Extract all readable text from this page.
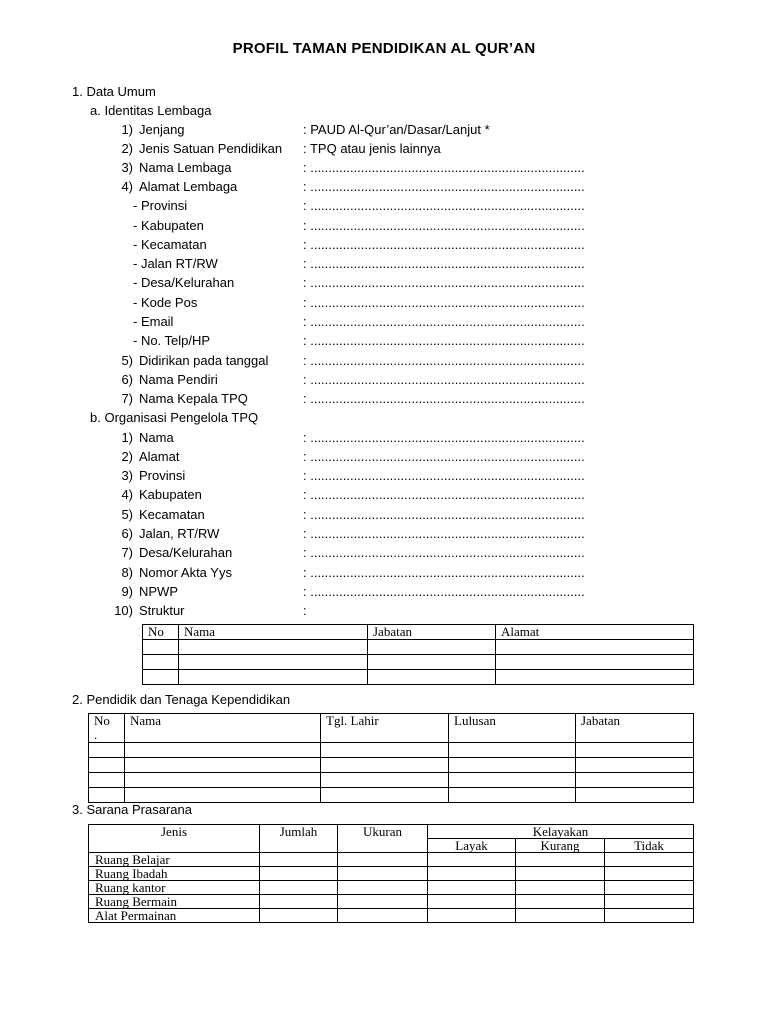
PROFIL TAMAN PENDIDIKAN AL QUR’AN
1. Data Umum
a. Identitas Lembaga
1) Jenjang	: PAUD Al-Qur’an/Dasar/Lanjut *
2) Jenis Satuan Pendidikan : TPQ atau jenis lainnya
3) Nama Lembaga	: ............................................................................
4) Alamat Lembaga	: ............................................................................
- Provinsi	: ............................................................................
- Kabupaten	: ............................................................................
- Kecamatan	: ............................................................................
- Jalan RT/RW	: ............................................................................
- Desa/Kelurahan	: ............................................................................
- Kode Pos	: ............................................................................
- Email	: ............................................................................
- No. Telp/HP	: ............................................................................
5) Didirikan pada tanggal	: ............................................................................
6) Nama Pendiri	: ............................................................................
7) Nama Kepala TPQ	: ............................................................................
b. Organisasi Pengelola TPQ
1) Nama	: ............................................................................
2) Alamat	: ............................................................................
3) Provinsi	: ............................................................................
4) Kabupaten	: ............................................................................
5) Kecamatan	: ............................................................................
6) Jalan, RT/RW	: ............................................................................
7) Desa/Kelurahan	: ............................................................................
8) Nomor Akta Yys	: ............................................................................
9) NPWP	: ............................................................................
10) Struktur	:
No	Nama	Jabatan	Alamat

2. Pendidik dan Tenaga Kependidikan
No
.	Nama	Tgl. Lahir	Lulusan	Jabatan

3. Sarana Prasarana
Jenis	Jumlah	Ukuran	Kelayakan		
			Layak	Kurang	Tidak
Ruang Belajar					
Ruang Ibadah					
Ruang kantor					
Ruang Bermain					
Alat Permainan					
